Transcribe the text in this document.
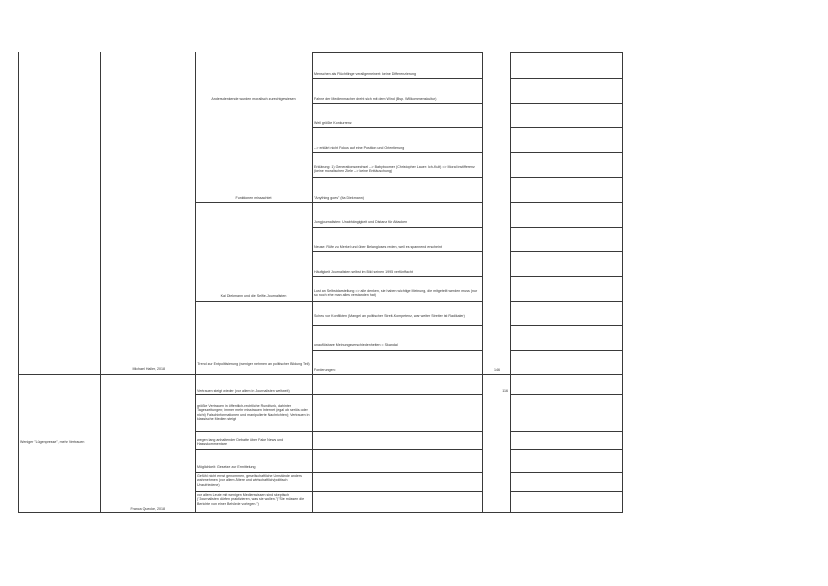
Menschen als Flüchtlinge verallgemeinert: keine Differenzierung
Fahne der Medienmacher dreht sich mit dem Wind (Bsp. Willkommenskultur)
Weil größte Konkurrenz
--> erklärt nicht Fokus auf eine Position und Orientierung
Erklärung: 1) Generationswechsel --> Babyboomer (Christopher Lauer: Ich-Kult) => Moral instifferenz (keine moralischen Ziele --> keine Enttäuschung)
"Anything goes" (Ita Diekmann)
Jungjournalisten: Unabhängigkeit und Distanz für Attacken
Neuse: Rüfe zu Merkel und über Belangloses reden, weil es spannend erscheint
Häufigkeit Journalisten selbst im Bild seinen 1995 verfünffacht
Lust an Selbstdarstellung => alle denken, sie haben wichtige Meinung, die mitgeteilt werden muss (nur so noch ehe man alles verstanden hat)
Scheu vor Konflikten (Mangel an politischer Streit-Kompetenz, war weiter Streiter ist Radikaler)
unauflösbare Meinungsverschiedenheiten = Skandal
Forderungen:
Andersdenkende wurden moralisch zurechtgewiesen
Funktionen missachtet
Kai Diekmann und die Selfie-Journalisten
Trend zur Entpolitisierung (weniger nehmen an politischer Bildung Teil)
Michael Haller, 2018	146
Vertrauen steigt wieder (vor allem in Journalisten weltweit)
größte Vertrauen in öffentlich-rechtliche Rundfunk, dahinter Tageszeitungen; immer mehr misstrauen Internet (egal ob seriös oder nicht) Falschinformationen und manipulierte Nachrichten); Vertrauen in klassische Medien steigt
wegen lang anhaltender Debatte über Fake News und Hassskommentare
Möglichkeit: Gesetze zur Ermittelung
Gefühl nicht ernst genommen, gesellschaftliche Umstände anders wahrnehmen (vor allem Ältere und wirtschaftlich/politisch Unzufriedene)
vor allem Leute mit wenigen Medienwissen sind skeptisch ("Journalisten dürfen praktizieren, was sie wollen.")"Sie müssen die Berichte von einer Behörde vorlegen.")
116
Weniger "Lügenpresse", mehr Vertrauen
Franca Quecke, 2018
